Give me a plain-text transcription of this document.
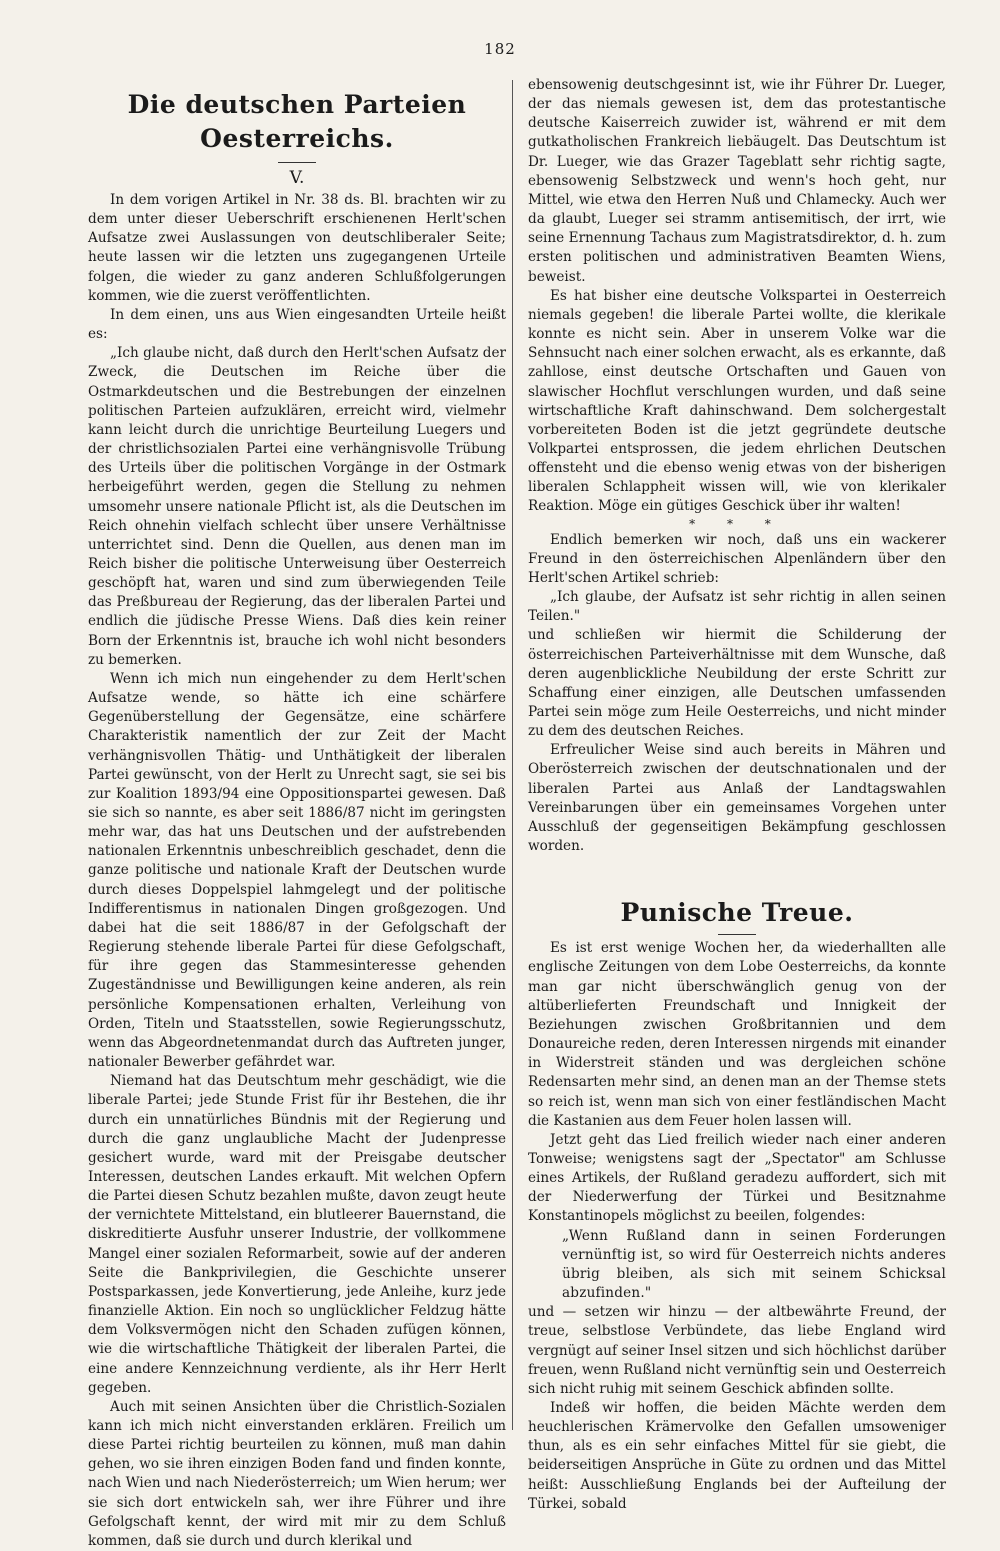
182
Die deutschen Parteien Oesterreichs.
V.

In dem vorigen Artikel in Nr. 38 ds. Bl. brachten wir zu dem unter dieser Ueberschrift erschienenen Herlt'schen Aufsatze zwei Auslassungen von deutschliberaler Seite; heute lassen wir die letzten uns zugegangenen Urteile folgen, die wieder zu ganz anderen Schlußfolgerungen kommen, wie die zuerst veröffentlichten.

In dem einen, uns aus Wien eingesandten Urteile heißt es:

„Ich glaube nicht, daß durch den Herlt'schen Aufsatz der Zweck, die Deutschen im Reiche über die Ostmarkdeutschen und die Bestrebungen der einzelnen politischen Parteien aufzuklären, erreicht wird, vielmehr kann leicht durch die unrichtige Beurteilung Luegers und der christlichsozialen Partei eine verhängnisvolle Trübung des Urteils über die politischen Vorgänge in der Ostmark herbeigeführt werden, gegen die Stellung zu nehmen umsomehr unsere nationale Pflicht ist, als die Deutschen im Reich ohnehin vielfach schlecht über unsere Verhältnisse unterrichtet sind. Denn die Quellen, aus denen man im Reich bisher die politische Unterweisung über Oesterreich geschöpft hat, waren und sind zum überwiegenden Teile das Preßbureau der Regierung, das der liberalen Partei und endlich die jüdische Presse Wiens. Daß dies kein reiner Born der Erkenntnis ist, brauche ich wohl nicht besonders zu bemerken.

Wenn ich mich nun eingehender zu dem Herlt'schen Aufsatze wende, so hätte ich eine schärfere Gegenüberstellung der Gegensätze, eine schärfere Charakteristik namentlich der zur Zeit der Macht verhängnisvollen Thätig- und Unthätigkeit der liberalen Partei gewünscht, von der Herlt zu Unrecht sagt, sie sei bis zur Koalition 1893/94 eine Oppositionspartei gewesen. Daß sie sich so nannte, es aber seit 1886/87 nicht im geringsten mehr war, das hat uns Deutschen und der aufstrebenden nationalen Erkenntnis unbeschreiblich geschadet, denn die ganze politische und nationale Kraft der Deutschen wurde durch dieses Doppelspiel lahmgelegt und der politische Indifferentismus in nationalen Dingen großgezogen. Und dabei hat die seit 1886/87 in der Gefolgschaft der Regierung stehende liberale Partei für diese Gefolgschaft, für ihre gegen das Stammesinteresse gehenden Zugeständnisse und Bewilligungen keine anderen, als rein persönliche Kompensationen erhalten, Verleihung von Orden, Titeln und Staatsstellen, sowie Regierungsschutz, wenn das Abgeordnetenmandat durch das Auftreten junger, nationaler Bewerber gefährdet war.

Niemand hat das Deutschtum mehr geschädigt, wie die liberale Partei; jede Stunde Frist für ihr Bestehen, die ihr durch ein unnatürliches Bündnis mit der Regierung und durch die ganz unglaubliche Macht der Judenpresse gesichert wurde, ward mit der Preisgabe deutscher Interessen, deutschen Landes erkauft. Mit welchen Opfern die Partei diesen Schutz bezahlen mußte, davon zeugt heute der vernichtete Mittelstand, ein blutleerer Bauernstand, die diskreditierte Ausfuhr unserer Industrie, der vollkommene Mangel einer sozialen Reformarbeit, sowie auf der anderen Seite die Bankprivilegien, die Geschichte unserer Postsparkassen, jede Konvertierung, jede Anleihe, kurz jede finanzielle Aktion. Ein noch so unglücklicher Feldzug hätte dem Volksvermögen nicht den Schaden zufügen können, wie die wirtschaftliche Thätigkeit der liberalen Partei, die eine andere Kennzeichnung verdiente, als ihr Herr Herlt gegeben.

Auch mit seinen Ansichten über die Christlich-Sozialen kann ich mich nicht einverstanden erklären. Freilich um diese Partei richtig beurteilen zu können, muß man dahin gehen, wo sie ihren einzigen Boden fand und finden konnte, nach Wien und nach Niederösterreich; um Wien herum; wer sie sich dort entwickeln sah, wer ihre Führer und ihre Gefolgschaft kennt, der wird mit mir zu dem Schluß kommen, daß sie durch und durch klerikal und

ebensowenig deutschgesinnt ist, wie ihr Führer Dr. Lueger, der das niemals gewesen ist, dem das protestantische deutsche Kaiserreich zuwider ist, während er mit dem gutkatholischen Frankreich liebäugelt. Das Deutschtum ist Dr. Lueger, wie das Grazer Tageblatt sehr richtig sagte, ebensowenig Selbstzweck und wenn's hoch geht, nur Mittel, wie etwa den Herren Nuß und Chlamecky. Auch wer da glaubt, Lueger sei stramm antisemitisch, der irrt, wie seine Ernennung Tachaus zum Magistratsdirektor, d. h. zum ersten politischen und administrativen Beamten Wiens, beweist.

Es hat bisher eine deutsche Volkspartei in Oesterreich niemals gegeben! die liberale Partei wollte, die klerikale konnte es nicht sein. Aber in unserem Volke war die Sehnsucht nach einer solchen erwacht, als es erkannte, daß zahllose, einst deutsche Ortschaften und Gauen von slawischer Hochflut verschlungen wurden, und daß seine wirtschaftliche Kraft dahinschwand. Dem solchergestalt vorbereiteten Boden ist die jetzt gegründete deutsche Volkpartei entsprossen, die jedem ehrlichen Deutschen offensteht und die ebenso wenig etwas von der bisherigen liberalen Schlappheit wissen will, wie von klerikaler Reaktion. Möge ein gütiges Geschick über ihr walten!

* * *

Endlich bemerken wir noch, daß uns ein wackerer Freund in den österreichischen Alpenländern über den Herlt'schen Artikel schrieb:

„Ich glaube, der Aufsatz ist sehr richtig in allen seinen Teilen."

und schließen wir hiermit die Schilderung der österreichischen Parteiverhältnisse mit dem Wunsche, daß deren augenblickliche Neubildung der erste Schritt zur Schaffung einer einzigen, alle Deutschen umfassenden Partei sein möge zum Heile Oesterreichs, und nicht minder zu dem des deutschen Reiches.

Erfreulicher Weise sind auch bereits in Mähren und Oberösterreich zwischen der deutschnationalen und der liberalen Partei aus Anlaß der Landtagswahlen Vereinbarungen über ein gemeinsames Vorgehen unter Ausschluß der gegenseitigen Bekämpfung geschlossen worden.

Punische Treue.

Es ist erst wenige Wochen her, da wiederhallten alle englische Zeitungen von dem Lobe Oesterreichs, da konnte man gar nicht überschwänglich genug von der altüberlieferten Freundschaft und Innigkeit der Beziehungen zwischen Großbritannien und dem Donaureiche reden, deren Interessen nirgends mit einander in Widerstreit ständen und was dergleichen schöne Redensarten mehr sind, an denen man an der Themse stets so reich ist, wenn man sich von einer festländischen Macht die Kastanien aus dem Feuer holen lassen will.

Jetzt geht das Lied freilich wieder nach einer anderen Tonweise; wenigstens sagt der „Spectator" am Schlusse eines Artikels, der Rußland geradezu auffordert, sich mit der Niederwerfung der Türkei und Besitznahme Konstantinopels möglichst zu beeilen, folgendes:

„Wenn Rußland dann in seinen Forderungen vernünftig ist, so wird für Oesterreich nichts anderes übrig bleiben, als sich mit seinem Schicksal abzufinden."

und — setzen wir hinzu — der altbewährte Freund, der treue, selbstlose Verbündete, das liebe England wird vergnügt auf seiner Insel sitzen und sich höchlichst darüber freuen, wenn Rußland nicht vernünftig sein und Oesterreich sich nicht ruhig mit seinem Geschick abfinden sollte.

Indeß wir hoffen, die beiden Mächte werden dem heuchlerischen Krämervolke den Gefallen umsoweniger thun, als es ein sehr einfaches Mittel für sie giebt, die beiderseitigen Ansprüche in Güte zu ordnen und das Mittel heißt: Ausschließung Englands bei der Aufteilung der Türkei, sobald
